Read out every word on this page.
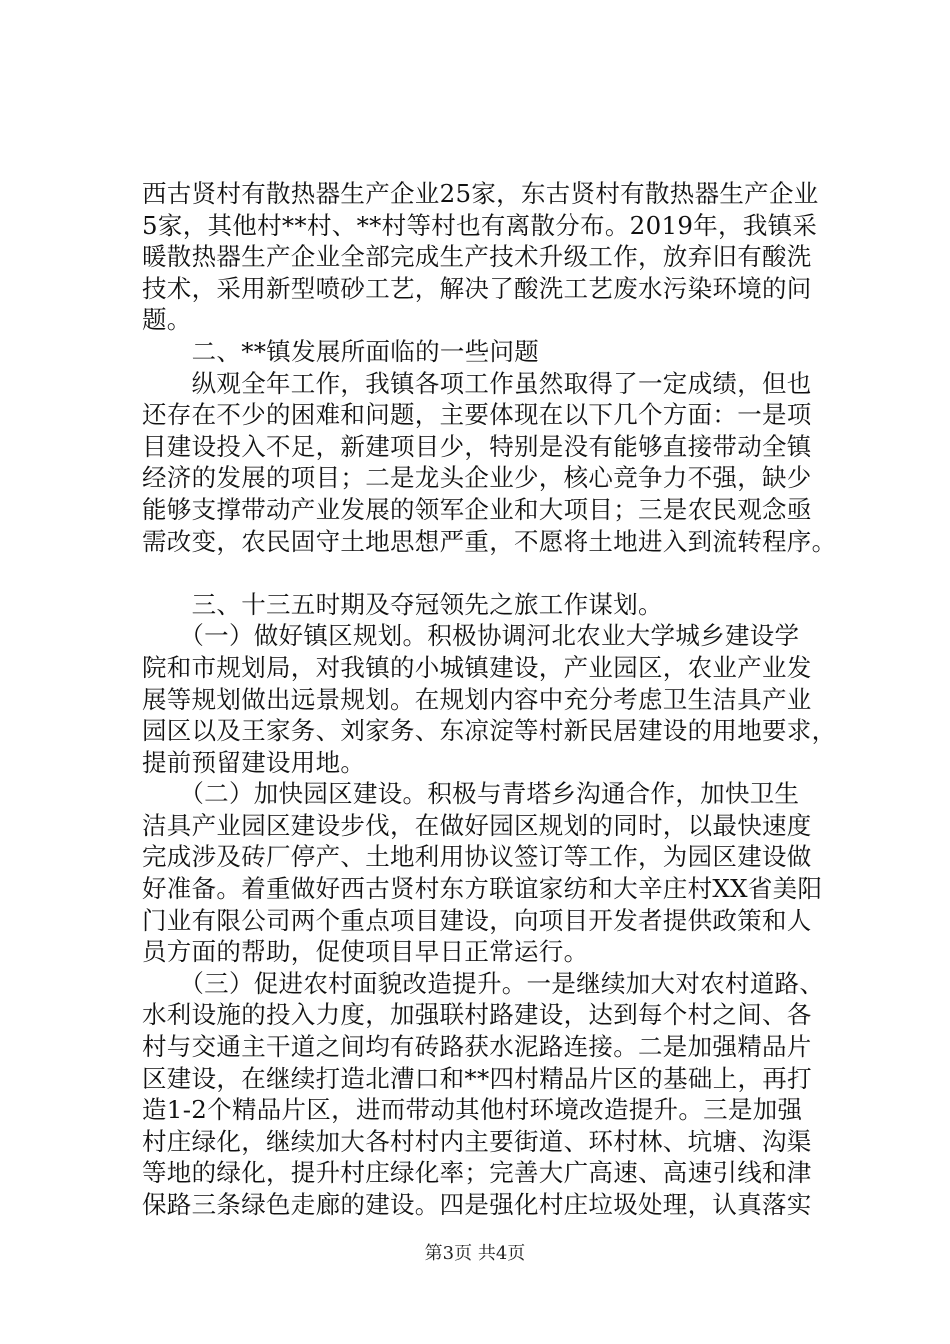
西古贤村有散热器生产企业25家，东古贤村有散热器生产企业
5家，其他村**村、**村等村也有离散分布。2019年，我镇采
暖散热器生产企业全部完成生产技术升级工作，放弃旧有酸洗
技术，采用新型喷砂工艺，解决了酸洗工艺废水污染环境的问
题。
　　二、**镇发展所面临的一些问题
　　纵观全年工作，我镇各项工作虽然取得了一定成绩，但也
还存在不少的困难和问题，主要体现在以下几个方面：一是项
目建设投入不足，新建项目少，特别是没有能够直接带动全镇
经济的发展的项目；二是龙头企业少，核心竞争力不强，缺少
能够支撑带动产业发展的领军企业和大项目；三是农民观念亟
需改变，农民固守土地思想严重，不愿将土地进入到流转程序。
　　三、十三五时期及夺冠领先之旅工作谋划。
　　（一）做好镇区规划。积极协调河北农业大学城乡建设学
院和市规划局，对我镇的小城镇建设，产业园区，农业产业发
展等规划做出远景规划。在规划内容中充分考虑卫生洁具产业
园区以及王家务、刘家务、东凉淀等村新民居建设的用地要求，
提前预留建设用地。
　　（二）加快园区建设。积极与青塔乡沟通合作，加快卫生
洁具产业园区建设步伐，在做好园区规划的同时，以最快速度
完成涉及砖厂停产、土地利用协议签订等工作，为园区建设做
好准备。着重做好西古贤村东方联谊家纺和大辛庄村XX省美阳
门业有限公司两个重点项目建设，向项目开发者提供政策和人
员方面的帮助，促使项目早日正常运行。
　　（三）促进农村面貌改造提升。一是继续加大对农村道路、
水利设施的投入力度，加强联村路建设，达到每个村之间、各
村与交通主干道之间均有砖路获水泥路连接。二是加强精品片
区建设，在继续打造北漕口和**四村精品片区的基础上，再打
造1-2个精品片区，进而带动其他村环境改造提升。三是加强
村庄绿化，继续加大各村村内主要街道、环村林、坑塘、沟渠
等地的绿化，提升村庄绿化率；完善大广高速、高速引线和津
保路三条绿色走廊的建设。四是强化村庄垃圾处理，认真落实
第3页 共4页
